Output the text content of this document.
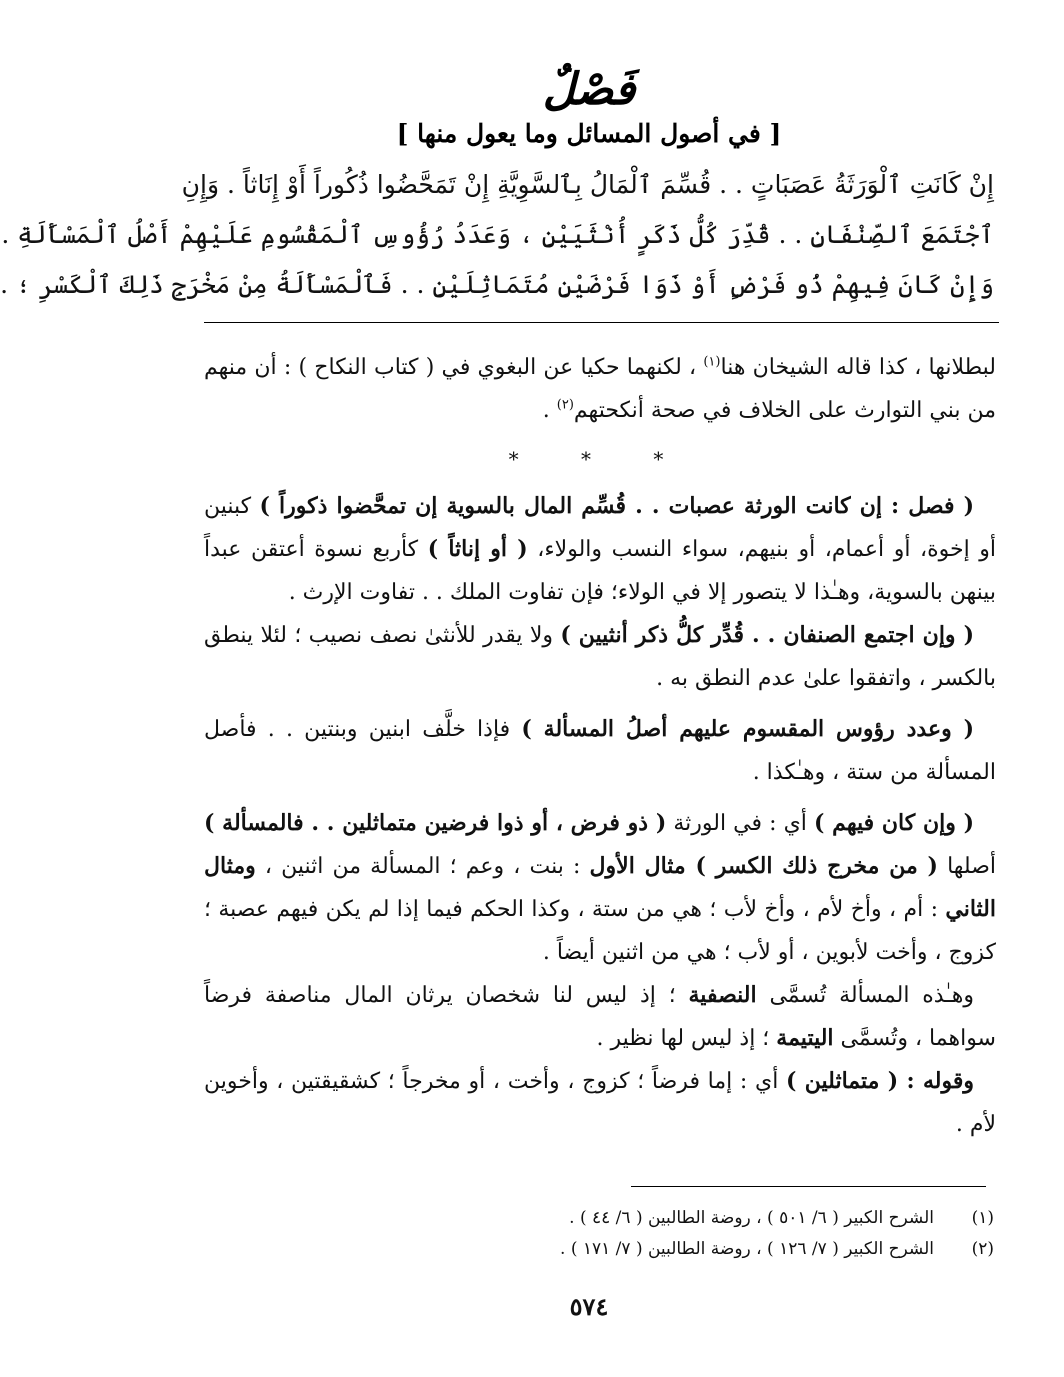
فَصْلٌ
[ في أصول المسائل وما يعول منها ]
إِنْ كَانَتِ ٱلْوَرَثَةُ عَصَبَاتٍ . . قُسِّمَ ٱلْمَالُ بِٱلسَّوِيَّةِ إِنْ تَمَحَّضُوا ذُكُوراً أَوْ إِنَاثاً . وَإِنِ
ٱجْتَمَعَ ٱلصِّنْفَانِ . . قُدِّرَ كُلُّ ذَكَرٍ أُنْثَيَيْنِ ، وَعَدَدُ رُؤُوسِ ٱلْمَقْسُومِ عَلَيْهِمْ أَصْلُ ٱلْمَسْأَلَةِ .
وَإِنْ كَانَ فِيهِمْ ذُو فَرْضٍ أَوْ ذَوَا فَرْضَيْنِ مُتَمَاثِلَيْنِ . . فَٱلْمَسْأَلَةُ مِنْ مَخْرَجِ ذَلِكَ ٱلْكَسْرِ ؛ .

لبطلانها ، كذا قاله الشيخان هنا$^{(١)}$ ، لكنهما حكيا عن البغوي في ( كتاب النكاح ) : أن منهم من بني التوارث على الخلاف في صحة أنكحتهم$^{(٢)}$ .

* * *

( فصل : إن كانت الورثة عصبات . . قُسِّم المال بالسوية إن تمحَّضوا ذكوراً ) كبنين أو إخوة، أو أعمام، أو بنيهم، سواء النسب والولاء، ( أو إناثاً ) كأربع نسوة أعتقن عبداً بينهن بالسوية، وهـٰذا لا يتصور إلا في الولاء؛ فإن تفاوت الملك . . تفاوت الإرث .

( وإن اجتمع الصنفان . . قُدِّر كلُّ ذكر أنثيين ) ولا يقدر للأنثىٰ نصف نصيب ؛ لئلا ينطق بالكسر ، واتفقوا علىٰ عدم النطق به .

( وعدد رؤوس المقسوم عليهم أصلُ المسألة ) فإذا خلَّف ابنين وبنتين . . فأصل المسألة من ستة ، وهـٰكذا .

( وإن كان فيهم ) أي : في الورثة ( ذو فرض ، أو ذوا فرضين متماثلين . . فالمسألة ) أصلها ( من مخرج ذلك الكسر ) مثال الأول : بنت ، وعم ؛ المسألة من اثنين ، ومثال الثاني : أم ، وأخ لأم ، وأخ لأب ؛ هي من ستة ، وكذا الحكم فيما إذا لم يكن فيهم عصبة ؛ كزوج ، وأخت لأبوين ، أو لأب ؛ هي من اثنين أيضاً .

وهـٰذه المسألة تُسمَّى النصفية ؛ إذ ليس لنا شخصان يرثان المال مناصفة فرضاً سواهما ، وتُسمَّى اليتيمة ؛ إذ ليس لها نظير .

وقوله : ( متماثلين ) أي : إما فرضاً ؛ كزوج ، وأخت ، أو مخرجاً ؛ كشقيقتين ، وأخوين لأم .

(١)
الشرح الكبير ( ٦/ ٥٠١ ) ، روضة الطالبين ( ٦/ ٤٤ ) .
(٢)
الشرح الكبير ( ٧/ ١٢٦ ) ، روضة الطالبين ( ٧/ ١٧١ ) .
٥٧٤
